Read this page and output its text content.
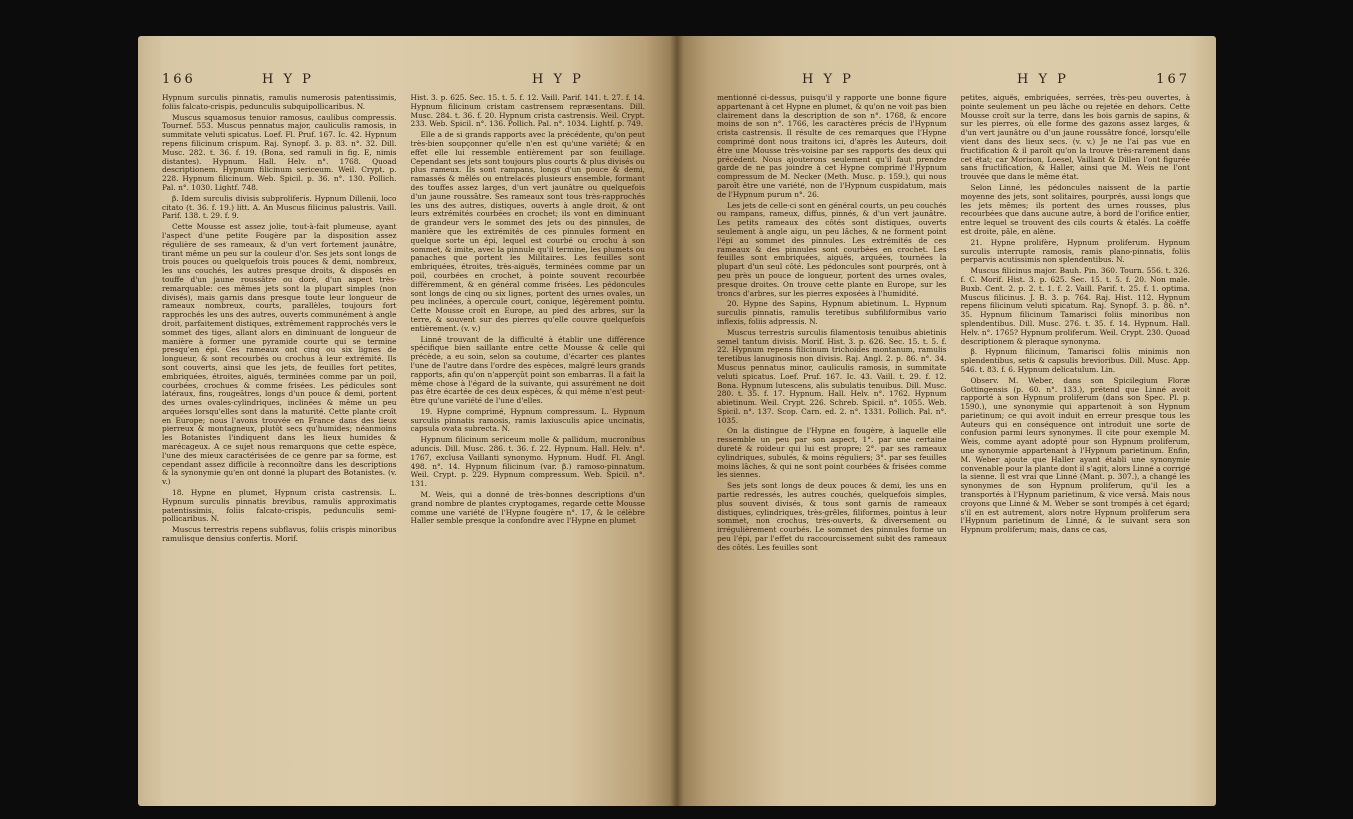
166	H Y P	H Y P

Hypnum surculis pinnatis, ramulis numerosis patentissimis, foliis falcato-crispis, pedunculis subquipollicaribus. N.

Muscus squamosus tenuior ramosus, caulibus compressis. Tournef. 553. Muscus pennatus major, cauliculis ramosis, in summitate veluti spicatus. Loef. Fl. Pruf. 167. Ic. 42. Hypnum repens filicinum crispum. Raj. Synopf. 3. p. 83. n°. 32. Dill. Musc. 282. t. 36. f. 19. (Bona, sed ramuli in fig. E, nimis distantes). Hypnum. Hall. Helv. n°. 1768. Quoad descriptionem. Hypnum filicinum sericeum. Weil. Crypt. p. 228. Hypnum filicinum. Web. Spicil. p. 36. n°. 130. Pollich. Pal. n°. 1030. Lightf. 748.

β. Idem surculis divisis subproliferis. Hypnum Dillenii, loco citato (t. 36. f. 19.) litt. A. An Muscus filicinus palustris. Vaill. Parif. 138. t. 29. f. 9.

Cette Mousse est assez jolie, tout-à-fait plumeuse, ayant l'aspect d'une petite Fougère par la disposition assez régulière de ses rameaux, & d'un vert fortement jaunâtre, tirant même un peu sur la couleur d'or. Ses jets sont longs de trois pouces ou quelquefois trois pouces & demi, nombreux, les uns couchés, les autres presque droits, & disposés en touffe d'un jaune roussâtre ou doré, d'un aspect très-remarquable: ces mêmes jets sont la plupart simples (non divisés), mais garnis dans presque toute leur longueur de rameaux nombreux, courts, parallèles, toujours fort rapprochés les uns des autres, ouverts communément à angle droit, parfaitement distiques, extrêmement rapprochés vers le sommet des tiges, allant alors en diminuant de longueur de manière à former une pyramide courte qui se termine presqu'en épi. Ces rameaux ont cinq ou six lignes de longueur, & sont recourbés ou crochus à leur extrémité. Ils sont couverts, ainsi que les jets, de feuilles fort petites, embriquées, étroites, aiguës, terminées comme par un poil, courbées, crochues & comme frisées. Les pédicules sont latéraux, fins, rougeâtres, longs d'un pouce & demi, portent des urnes ovales-cylindriques, inclinées & même un peu arquées lorsqu'elles sont dans la maturité. Cette plante croît en Europe; nous l'avons trouvée en France dans des lieux pierreux & montagneux, plutôt secs qu'humides; néanmoins les Botanistes l'indiquent dans les lieux humides & marécageux. A ce sujet nous remarquons que cette espèce, l'une des mieux caractérisées de ce genre par sa forme, est cependant assez difficile à reconnoître dans les descriptions & la synonymie qu'en ont donné la plupart des Botanistes. (v. v.)

18. Hypne en plumet, Hypnum crista castrensis. L. Hypnum surculis pinnatis brevibus, ramulis approximatis patentissimis, foliis falcato-crispis, pedunculis semi-pollicaribus. N.

Muscus terrestris repens subflavus, foliis crispis minoribus ramulisque densius confertis. Morif.

Hist. 3. p. 625. Sec. 15. t. 5. f. 12. Vaill. Parif. 141. t. 27. f. 14. Hypnum filicinum cristam castrensem repræsentans. Dill. Musc. 284. t. 36. f. 20. Hypnum crista castrensis. Weil. Crypt. 233. Web. Spicil. n°. 136. Pollich. Pal. n°. 1034. Lightf. p. 749.

Elle a de si grands rapports avec la précédente, qu'on peut très-bien soupçonner qu'elle n'en est qu'une variété; & en effet elle lui ressemble entièrement par son feuillage. Cependant ses jets sont toujours plus courts & plus divisés ou plus rameux. Ils sont rampans, longs d'un pouce & demi, ramassés & mêlés ou entrelacés plusieurs ensemble, formant des touffes assez larges, d'un vert jaunâtre ou quelquefois d'un jaune roussâtre. Ses rameaux sont tous très-rapprochés les uns des autres, distiques, ouverts à angle droit, & ont leurs extrémités courbées en crochet; ils vont en diminuant de grandeur vers le sommet des jets ou des pinnules, de manière que les extrémités de ces pinnules forment en quelque sorte un épi, lequel est courbé ou crochu à son sommet, & imite, avec la pinnule qu'il termine, les plumets ou panaches que portent les Militaires. Les feuilles sont embriquées, étroites, très-aiguës, terminées comme par un poil, courbées en crochet, à pointe souvent recourbée différemment, & en général comme frisées. Les pédoncules sont longs de cinq ou six lignes, portent des urnes ovales, un peu inclinées, à opercule court, conique, légèrement pointu. Cette Mousse croît en Europe, au pied des arbres, sur la terre, & souvent sur des pierres qu'elle couvre quelquefois entièrement. (v. v.)

Linné trouvant de la difficulté à établir une différence spécifique bien saillante entre cette Mousse & celle qui précède, a eu soin, selon sa coutume, d'écarter ces plantes l'une de l'autre dans l'ordre des espèces, malgré leurs grands rapports, afin qu'on n'apperçût point son embarras. Il a fait la même chose à l'égard de la suivante, qui assurément ne doit pas être écartée de ces deux espèces, & qui même n'est peut-être qu'une variété de l'une d'elles.

19. Hypne comprimé, Hypnum compressum. L. Hypnum surculis pinnatis ramosis, ramis laxiusculis apice uncinatis, capsula ovata subrecta. N.

Hypnum filicinum sericeum molle & pallidum, mucronibus aduncis. Dill. Musc. 286. t. 36. f. 22. Hypnum. Hall. Helv. n°. 1767, exclusa Vaillanti synonymo. Hypnum. Hudf. Fl. Angl. 498. n°. 14. Hypnum filicinum (var. β.) ramoso-pinnatum. Weil. Crypt. p. 229. Hypnum compressum. Web. Spicil. n°. 131.

M. Weis, qui a donné de très-bonnes descriptions d'un grand nombre de plantes cryptogames, regarde cette Mousse comme une variété de l'Hypne fougère n°. 17, & le célèbre Haller semble presque la confondre avec l'Hypne en plumet

H Y P	H Y P	167

mentionné ci-dessus, puisqu'il y rapporte une bonne figure appartenant à cet Hypne en plumet, & qu'on ne voit pas bien clairement dans la description de son n°. 1768, & encore moins de son n°. 1766, les caractères précis de l'Hypnum crista castrensis. Il résulte de ces remarques que l'Hypne comprimé dont nous traitons ici, d'après les Auteurs, doit être une Mousse très-voisine par ses rapports des deux qui précèdent. Nous ajouterons seulement qu'il faut prendre garde de ne pas joindre à cet Hypne comprimé l'Hypnum compressum de M. Necker (Meth. Musc. p. 159.), qui nous paroît être une variété, non de l'Hypnum cuspidatum, mais de l'Hypnum purum n°. 26.

Les jets de celle-ci sont en général courts, un peu couchés ou rampans, rameux, diffus, pinnés, & d'un vert jaunâtre. Les petits rameaux des côtés sont distiques, ouverts seulement à angle aigu, un peu lâches, & ne forment point l'épi au sommet des pinnules. Les extrémités de ces rameaux & des pinnules sont courbées en crochet. Les feuilles sont embriquées, aiguës, arquées, tournées la plupart d'un seul côté. Les pédoncules sont pourprés, ont à peu près un pouce de longueur, portent des urnes ovales, presque droites. On trouve cette plante en Europe, sur les troncs d'arbres, sur les pierres exposées à l'humidité.

20. Hypne des Sapins, Hypnum abietinum. L. Hypnum surculis pinnatis, ramulis teretibus subfiliformibus vario inflexis, foliis adpressis. N.

Muscus terrestris surculis filamentosis tenuibus abietinis semel tantum divisis. Morif. Hist. 3. p. 626. Sec. 15. t. 5. f. 22. Hypnum repens filicinum trichoides montanum, ramulis teretibus lanuginosis non divisis. Raj. Angl. 2. p. 86. n°. 34. Muscus pennatus minor, cauliculis ramosis, in summitate veluti spicatus. Loef. Pruf. 167. Ic. 43. Vaill. t. 29. f. 12. Bona. Hypnum lutescens, alis subulatis tenuibus. Dill. Musc. 280. t. 35. f. 17. Hypnum. Hall. Helv. n°. 1762. Hypnum abietinum. Weil. Crypt. 226. Schreb. Spicil. n°. 1055. Web. Spicil. n°. 137. Scop. Carn. ed. 2. n°. 1331. Pollich. Pal. n°. 1035.

On la distingue de l'Hypne en fougère, à laquelle elle ressemble un peu par son aspect, 1°. par une certaine dureté & roideur qui lui est propre; 2°. par ses rameaux cylindriques, subulés, & moins réguliers; 3°. par ses feuilles moins lâches, & qui ne sont point courbées & frisées comme les siennes.

Ses jets sont longs de deux pouces & demi, les uns en partie redressés, les autres couchés, quelquefois simples, plus souvent divisés, & tous sont garnis de rameaux distiques, cylindriques, très-grêles, filiformes, pointus à leur sommet, non crochus, très-ouverts, & diversement ou irrégulièrement courbés. Le sommet des pinnules forme un peu l'épi, par l'effet du raccourcissement subit des rameaux des côtés. Les feuilles sont

petites, aiguës, embriquées, serrées, très-peu ouvertes, à pointe seulement un peu lâche ou rejetée en dehors. Cette Mousse croît sur la terre, dans les bois garnis de sapins, & sur les pierres, où elle forme des gazons assez larges, & d'un vert jaunâtre ou d'un jaune roussâtre foncé, lorsqu'elle vient dans des lieux secs. (v. v.) Je ne l'ai pas vue en fructification & il paroît qu'on la trouve très-rarement dans cet état; car Morison, Loesel, Vaillant & Dillen l'ont figurée sans fructification, & Haller, ainsi que M. Weis ne l'ont trouvée que dans le même état.

Selon Linné, les pédoncules naissent de la partie moyenne des jets, sont solitaires, pourprés, aussi longs que les jets mêmes; ils portent des urnes rousses, plus recourbées que dans aucune autre, à bord de l'orifice entier, entre lequel se trouvent des cils courts & étalés. La coëffe est droite, pâle, en alène.

21. Hypne prolifère, Hypnum proliferum. Hypnum surculis interrupte ramosis, ramis plano-pinnatis, foliis perparvis acutissimis non splendentibus. N.

Muscus filicinus major. Bauh. Pin. 360. Tourn. 556. t. 326. f. C. Morif. Hist. 3. p. 625. Sec. 15. t. 5. f. 20. Non male. Buxb. Cent. 2. p. 2. t. 1. f. 2. Vaill. Parif. t. 25. f. 1. optima. Muscus filicinus. J. B. 3. p. 764. Raj. Hist. 112. Hypnum repens filicinum veluti spicatum. Raj. Synopf. 3. p. 86. n°. 35. Hypnum filicinum Tamarisci foliis minoribus non splendentibus. Dill. Musc. 276. t. 35. f. 14. Hypnum. Hall. Helv. n°. 1765? Hypnum proliferum. Weil. Crypt. 230. Quoad descriptionem & pleraque synonyma.

β. Hypnum filicinum, Tamarisci foliis minimis non splendentibus, setis & capsulis brevioribus. Dill. Musc. App. 546. t. 83. f. 6. Hypnum delicatulum. Lin.

Observ. M. Weber, dans son Spicilegium Floræ Gottingensis (p. 60. n°. 133.), prétend que Linné avoit rapporté à son Hypnum proliferum (dans son Spec. Pl. p. 1590.), une synonymie qui appartenoit à son Hypnum parietinum; ce qui avoit induit en erreur presque tous les Auteurs qui en conséquence ont introduit une sorte de confusion parmi leurs synonymes. Il cite pour exemple M. Weis, comme ayant adopté pour son Hypnum proliferum, une synonymie appartenant à l'Hypnum parietinum. Enfin, M. Weber ajoute que Haller ayant établi une synonymie convenable pour la plante dont il s'agit, alors Linné a corrigé la sienne. Il est vrai que Linné (Mant. p. 307.), a changé les synonymes de son Hypnum proliferum, qu'il les a transportés à l'Hypnum parietinum, & vice versâ. Mais nous croyons que Linné & M. Weber se sont trompés à cet égard; s'il en est autrement, alors notre Hypnum proliferum sera l'Hypnum parietinum de Linné, & le suivant sera son Hypnum proliferum; mais, dans ce cas,
